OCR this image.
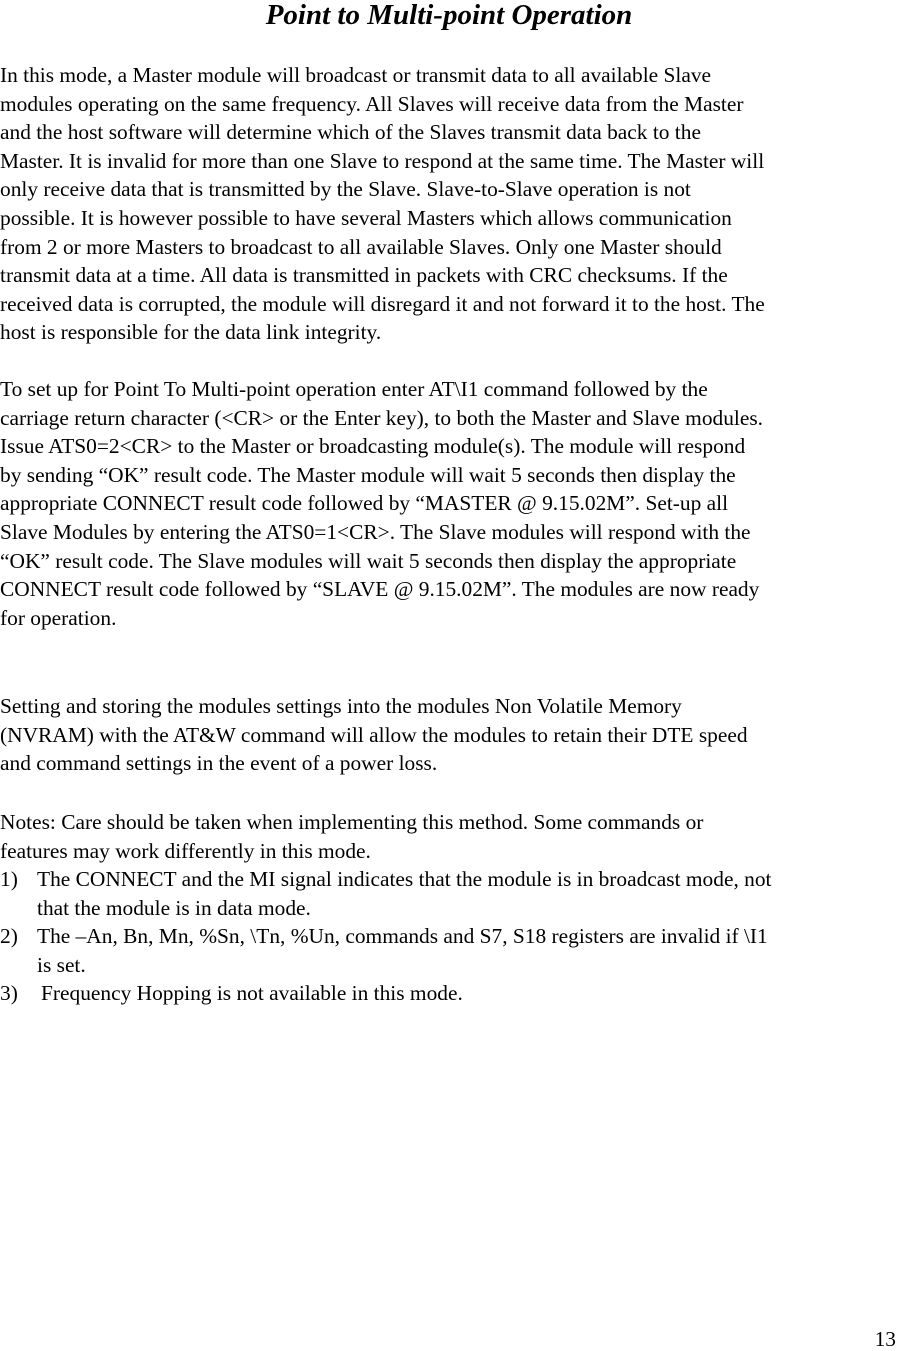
Point to Multi-point Operation

In this mode, a Master module will broadcast or transmit data to all available Slave
modules operating on the same frequency. All Slaves will receive data from the Master
and the host software will determine which of the Slaves transmit data back to the
Master. It is invalid for more than one Slave to respond at the same time. The Master will
only receive data that is transmitted by the Slave. Slave-to-Slave operation is not
possible. It is however possible to have several Masters which allows communication
from 2 or more Masters to broadcast to all available Slaves. Only one Master should
transmit data at a time. All data is transmitted in packets with CRC checksums. If the
received data is corrupted, the module will disregard it and not forward it to the host. The
host is responsible for the data link integrity.

To set up for Point To Multi-point operation enter AT\I1 command followed by the
carriage return character (<CR> or the Enter key), to both the Master and Slave modules.
Issue ATS0=2<CR> to the Master or broadcasting module(s). The module will respond
by sending “OK” result code. The Master module will wait 5 seconds then display the
appropriate CONNECT result code followed by “MASTER @ 9.15.02M”. Set-up all
Slave Modules by entering the ATS0=1<CR>. The Slave modules will respond with the
“OK” result code. The Slave modules will wait 5 seconds then display the appropriate
CONNECT result code followed by “SLAVE @ 9.15.02M”. The modules are now ready
for operation.

Setting and storing the modules settings into the modules Non Volatile Memory
(NVRAM) with the AT&W command will allow the modules to retain their DTE speed
and command settings in the event of a power loss.

Notes: Care should be taken when implementing this method. Some commands or
features may work differently in this mode.

1) The CONNECT and the MI signal indicates that the module is in broadcast mode, not
that the module is in data mode.
2) The –An, Bn, Mn, %Sn, \Tn, %Un, commands and S7, S18 registers are invalid if \I1
is set.
3) Frequency Hopping is not available in this mode.
13
